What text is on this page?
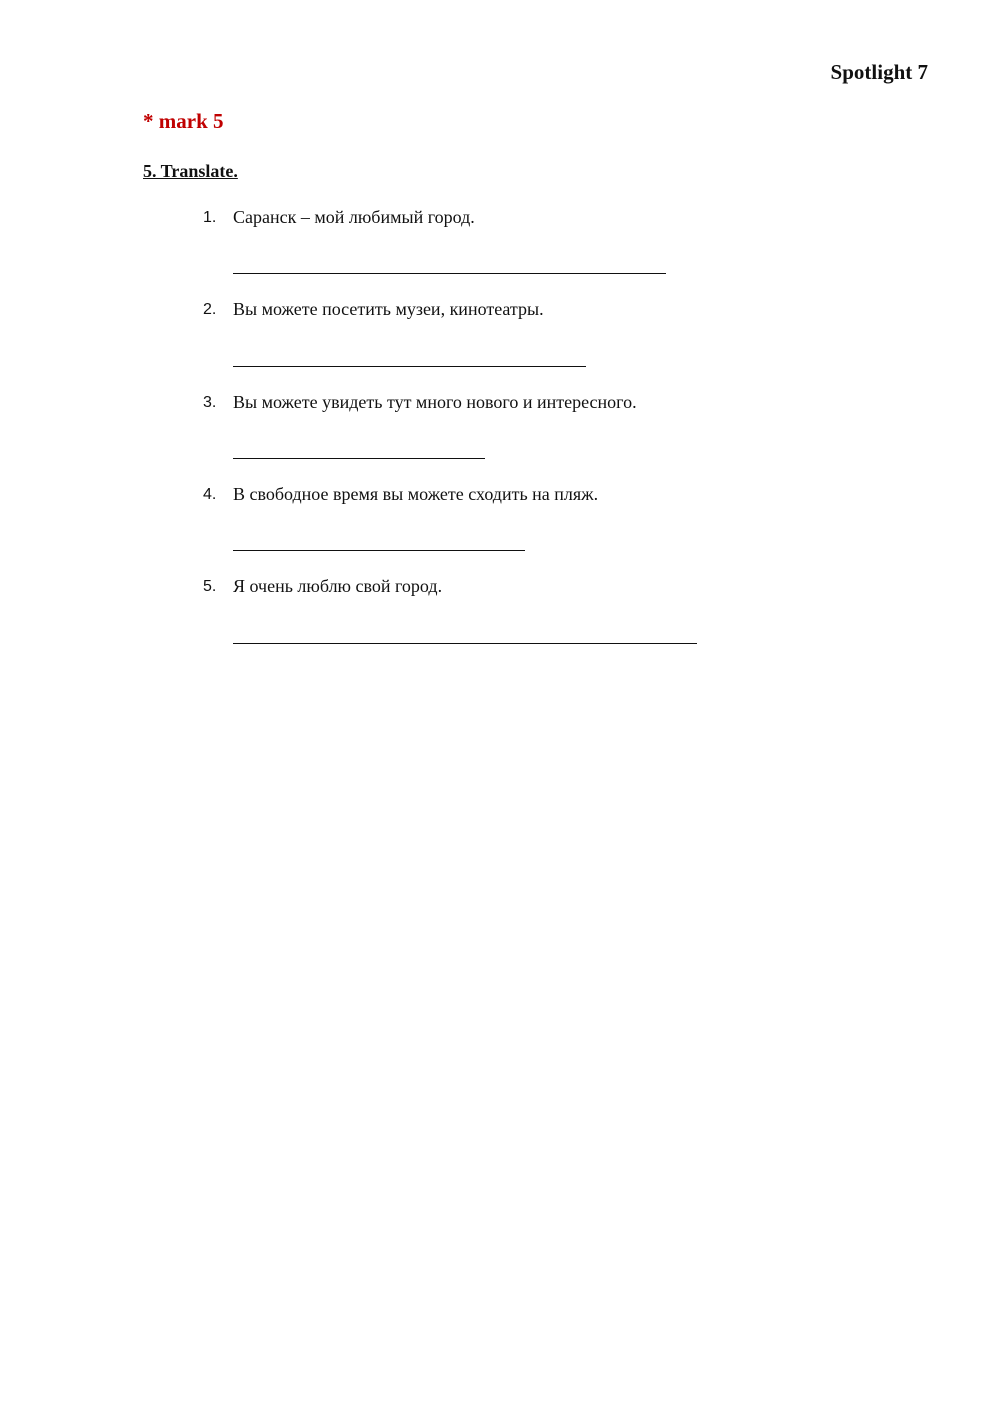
Spotlight 7
* mark 5
5. Translate.
1. Саранск – мой любимый город.
2. Вы можете посетить музеи, кинотеатры.
3. Вы можете увидеть тут много нового и интересного.
4. В свободное время вы можете сходить на пляж.
5. Я очень люблю свой город.
